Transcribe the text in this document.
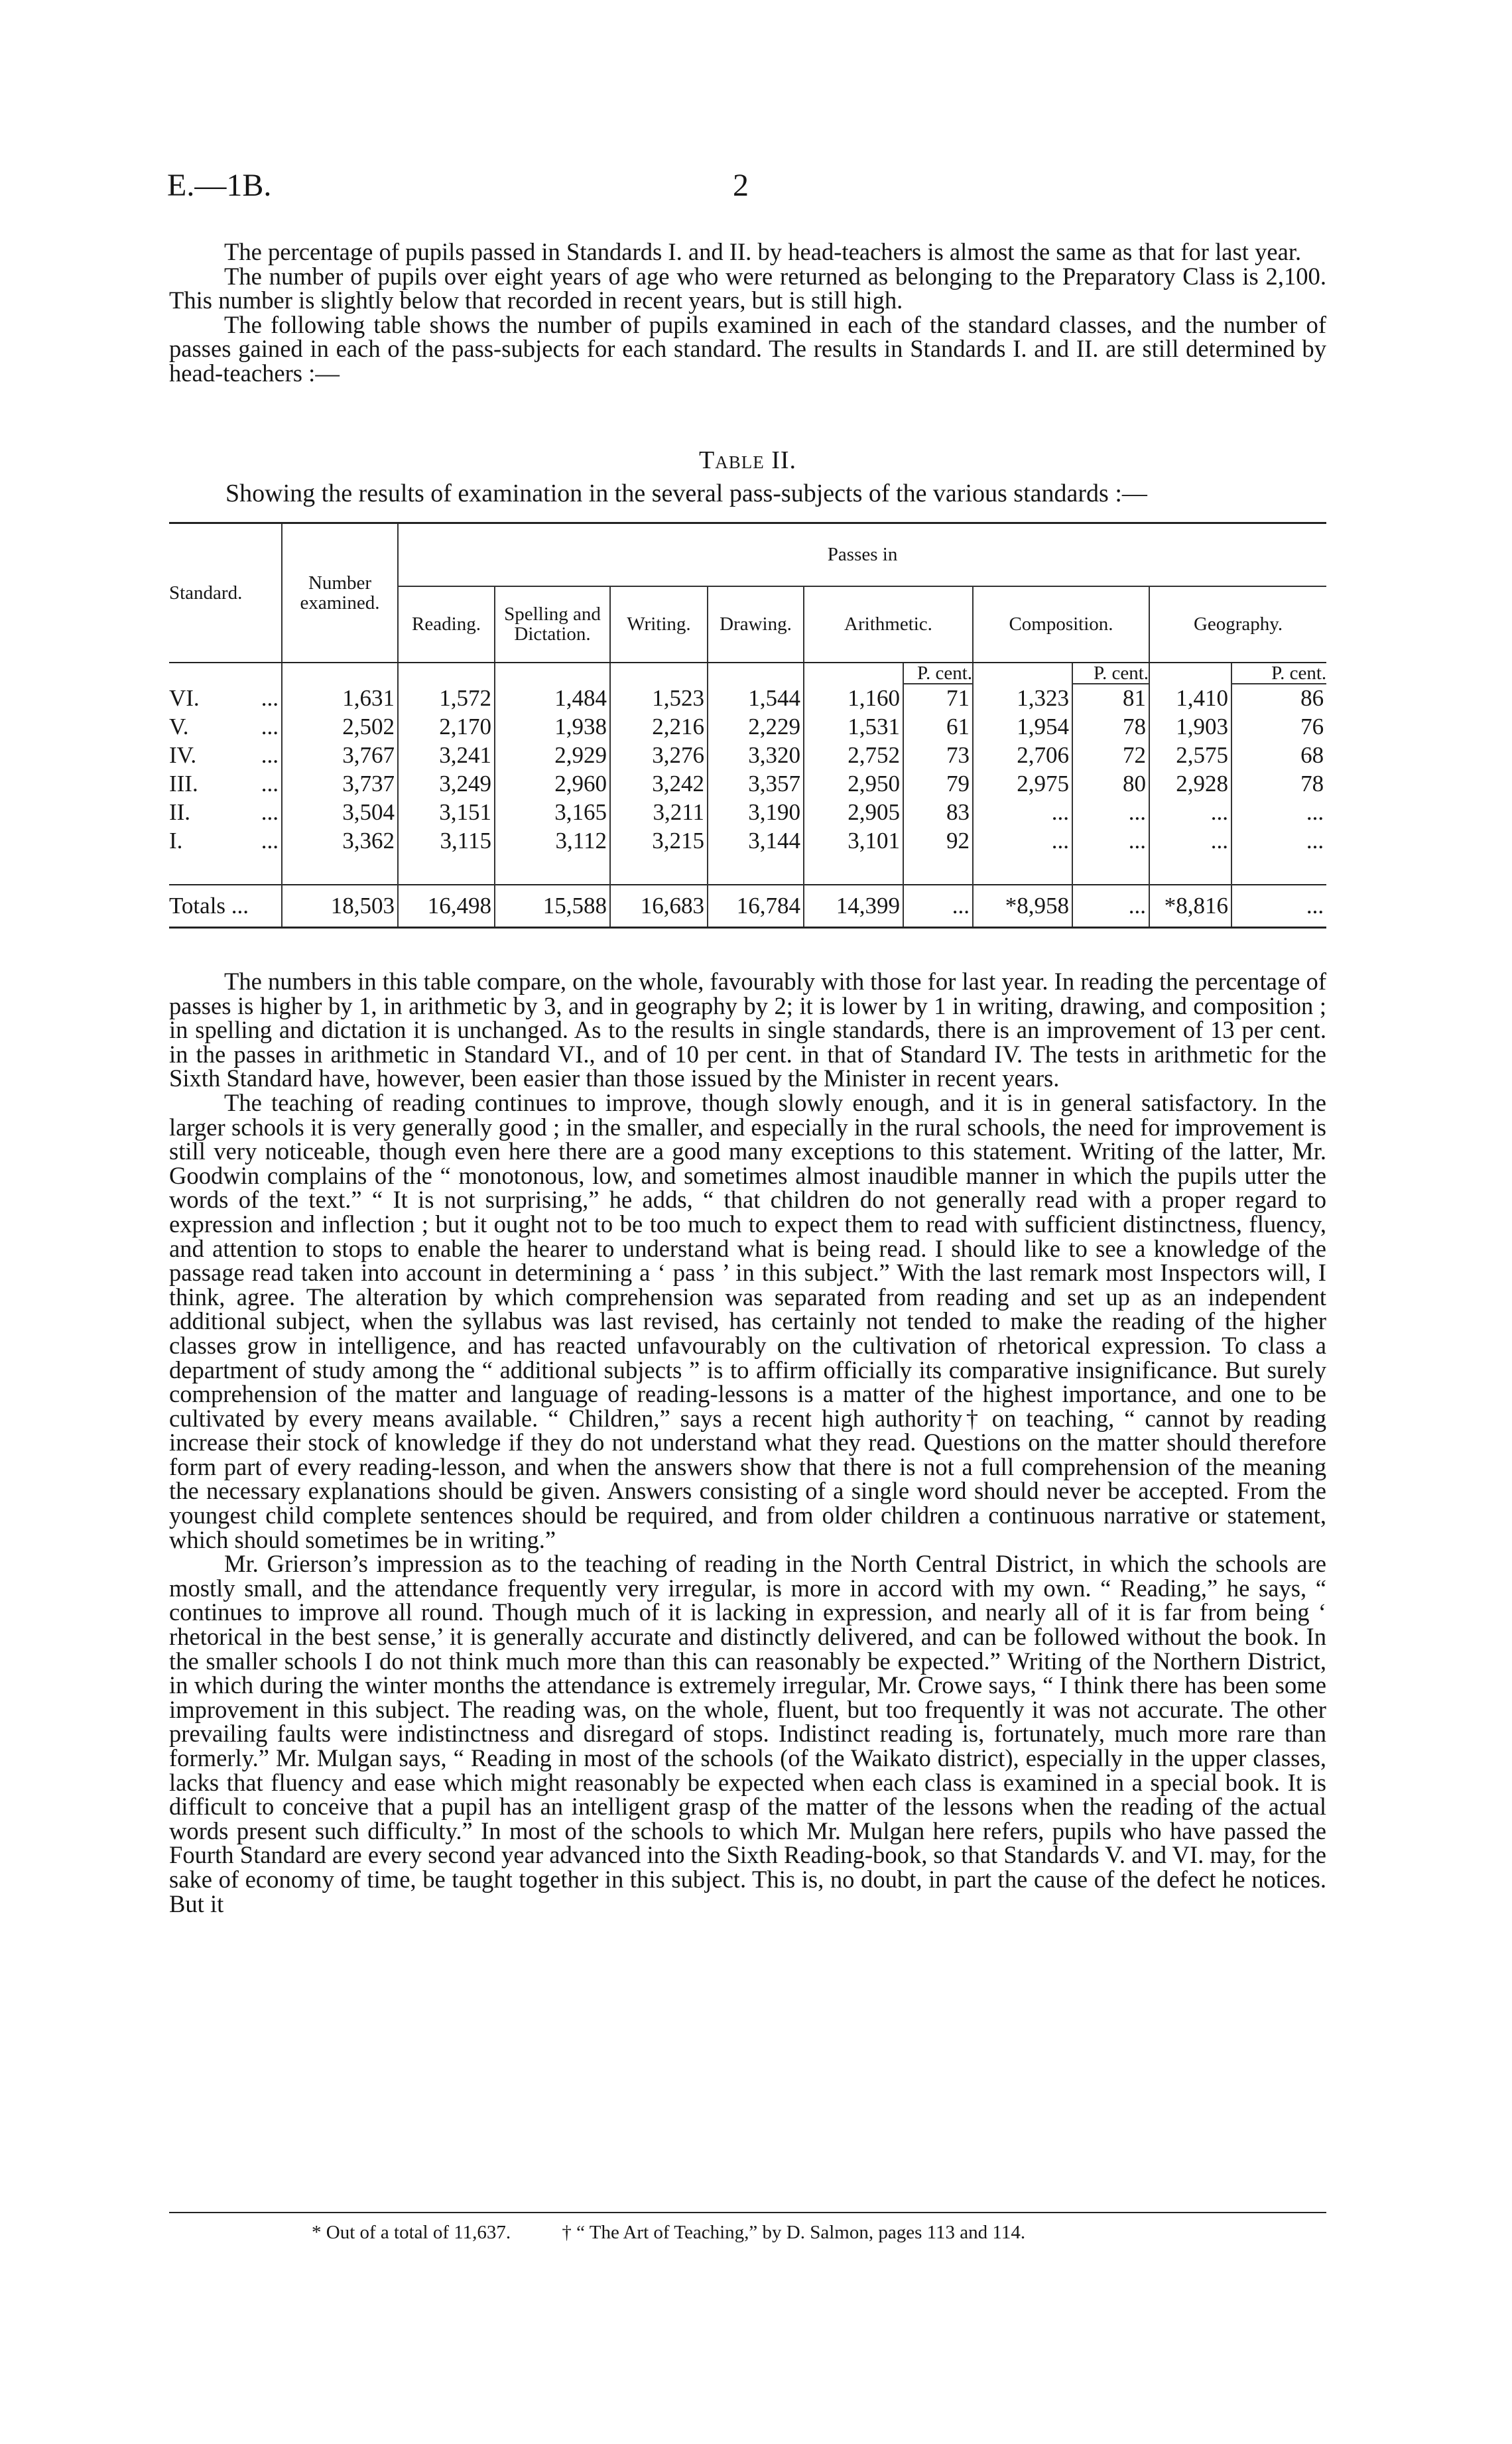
E.—1B.	2

The percentage of pupils passed in Standards I. and II. by head-teachers is almost the same as that for last year.

The number of pupils over eight years of age who were returned as belonging to the Preparatory Class is 2,100. This number is slightly below that recorded in recent years, but is still high.

The following table shows the number of pupils examined in each of the standard classes, and the number of passes gained in each of the pass-subjects for each standard. The results in Standards I. and II. are still determined by head-teachers :—

Table II.
Showing the results of examination in the several pass-subjects of the various standards :—
Standard.	Number examined.	Passes in									
		Reading.	Spelling and Dictation.	Writing.	Drawing.	Arithmetic.		Composition.		Geography.	
							P. cent.		P. cent.		P. cent.
VI. ...	1,631	1,572	1,484	1,523	1,544	1,160	71	1,323	81	1,410	86
V. ...	2,502	2,170	1,938	2,216	2,229	1,531	61	1,954	78	1,903	76
IV. ...	3,767	3,241	2,929	3,276	3,320	2,752	73	2,706	72	2,575	68
III. ...	3,737	3,249	2,960	3,242	3,357	2,950	79	2,975	80	2,928	78
II. ...	3,504	3,151	3,165	3,211	3,190	2,905	83	...	...	...	...
I. ...	3,362	3,115	3,112	3,215	3,144	3,101	92	...	...	...	...

Totals ...	18,503	16,498	15,588	16,683	16,784	14,399	...	*8,958	...	*8,816	...

The numbers in this table compare, on the whole, favourably with those for last year. In reading the percentage of passes is higher by 1, in arithmetic by 3, and in geography by 2; it is lower by 1 in writing, drawing, and composition ; in spelling and dictation it is unchanged. As to the results in single standards, there is an improvement of 13 per cent. in the passes in arithmetic in Standard VI., and of 10 per cent. in that of Standard IV. The tests in arithmetic for the Sixth Standard have, however, been easier than those issued by the Minister in recent years.

The teaching of reading continues to improve, though slowly enough, and it is in general satisfactory. In the larger schools it is very generally good ; in the smaller, and especially in the rural schools, the need for improvement is still very noticeable, though even here there are a good many exceptions to this statement. Writing of the latter, Mr. Goodwin complains of the “ monotonous, low, and sometimes almost inaudible manner in which the pupils utter the words of the text.” “ It is not surprising,” he adds, “ that children do not generally read with a proper regard to expression and inflection ; but it ought not to be too much to expect them to read with sufficient distinctness, fluency, and attention to stops to enable the hearer to understand what is being read. I should like to see a knowledge of the passage read taken into account in determining a ‘ pass ’ in this subject.” With the last remark most Inspectors will, I think, agree. The alteration by which comprehension was separated from reading and set up as an independent additional subject, when the syllabus was last revised, has certainly not tended to make the reading of the higher classes grow in intelligence, and has reacted unfavourably on the cultivation of rhetorical expression. To class a department of study among the “ additional subjects ” is to affirm officially its comparative insignificance. But surely comprehension of the matter and language of reading-lessons is a matter of the highest importance, and one to be cultivated by every means available. “ Children,” says a recent high authority† on teaching, “ cannot by reading increase their stock of knowledge if they do not understand what they read. Questions on the matter should therefore form part of every reading-lesson, and when the answers show that there is not a full comprehension of the meaning the necessary explanations should be given. Answers consisting of a single word should never be accepted. From the youngest child complete sentences should be required, and from older children a continuous narrative or statement, which should sometimes be in writing.”

Mr. Grierson’s impression as to the teaching of reading in the North Central District, in which the schools are mostly small, and the attendance frequently very irregular, is more in accord with my own. “ Reading,” he says, “ continues to improve all round. Though much of it is lacking in expression, and nearly all of it is far from being ‘ rhetorical in the best sense,’ it is generally accurate and distinctly delivered, and can be followed without the book. In the smaller schools I do not think much more than this can reasonably be expected.” Writing of the Northern District, in which during the winter months the attendance is extremely irregular, Mr. Crowe says, “ I think there has been some improvement in this subject. The reading was, on the whole, fluent, but too frequently it was not accurate. The other prevailing faults were indistinctness and disregard of stops. Indistinct reading is, fortunately, much more rare than formerly.” Mr. Mulgan says, “ Reading in most of the schools (of the Waikato district), especially in the upper classes, lacks that fluency and ease which might reasonably be expected when each class is examined in a special book. It is difficult to conceive that a pupil has an intelligent grasp of the matter of the lessons when the reading of the actual words present such difficulty.” In most of the schools to which Mr. Mulgan here refers, pupils who have passed the Fourth Standard are every second year advanced into the Sixth Reading-book, so that Standards V. and VI. may, for the sake of economy of time, be taught together in this subject. This is, no doubt, in part the cause of the defect he notices. But it

* Out of a total of 11,637.	† “ The Art of Teaching,” by D. Salmon, pages 113 and 114.
